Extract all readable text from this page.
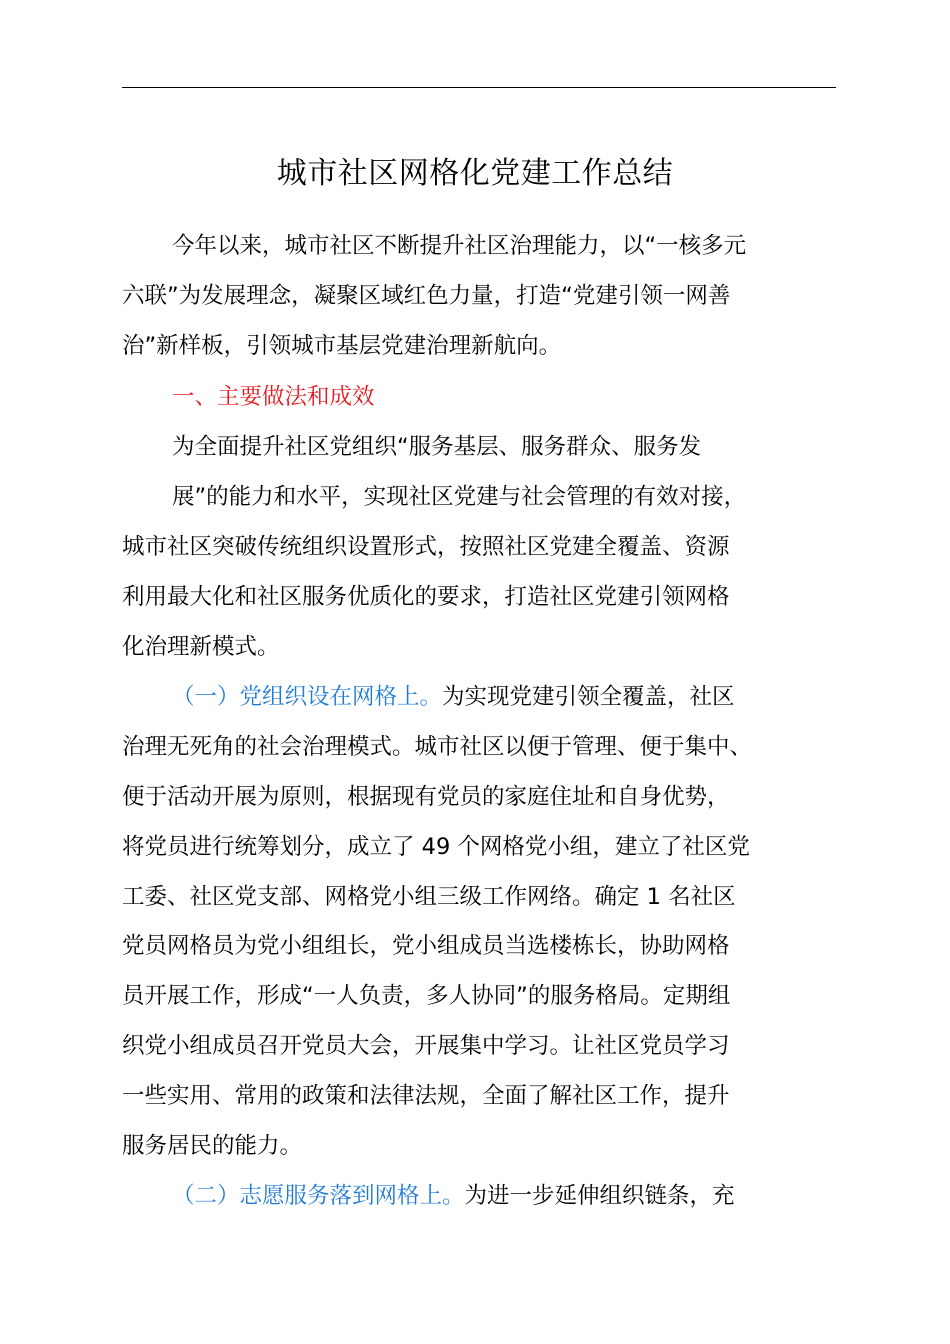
城市社区网格化党建工作总结

今年以来，城市社区不断提升社区治理能力，以“一核多元

六联”为发展理念，凝聚区域红色力量，打造“党建引领一网善

治”新样板，引领城市基层党建治理新航向。

一、主要做法和成效

为全面提升社区党组织“服务基层、服务群众、服务发

展”的能力和水平，实现社区党建与社会管理的有效对接，

城市社区突破传统组织设置形式，按照社区党建全覆盖、资源

利用最大化和社区服务优质化的要求，打造社区党建引领网格

化治理新模式。

（一）党组织设在网格上。为实现党建引领全覆盖，社区

治理无死角的社会治理模式。城市社区以便于管理、便于集中、

便于活动开展为原则，根据现有党员的家庭住址和自身优势，

将党员进行统筹划分，成立了 49 个网格党小组，建立了社区党

工委、社区党支部、网格党小组三级工作网络。确定 1 名社区

党员网格员为党小组组长，党小组成员当选楼栋长，协助网格

员开展工作，形成“一人负责，多人协同”的服务格局。定期组

织党小组成员召开党员大会，开展集中学习。让社区党员学习

一些实用、常用的政策和法律法规，全面了解社区工作，提升

服务居民的能力。

（二）志愿服务落到网格上。为进一步延伸组织链条，充
